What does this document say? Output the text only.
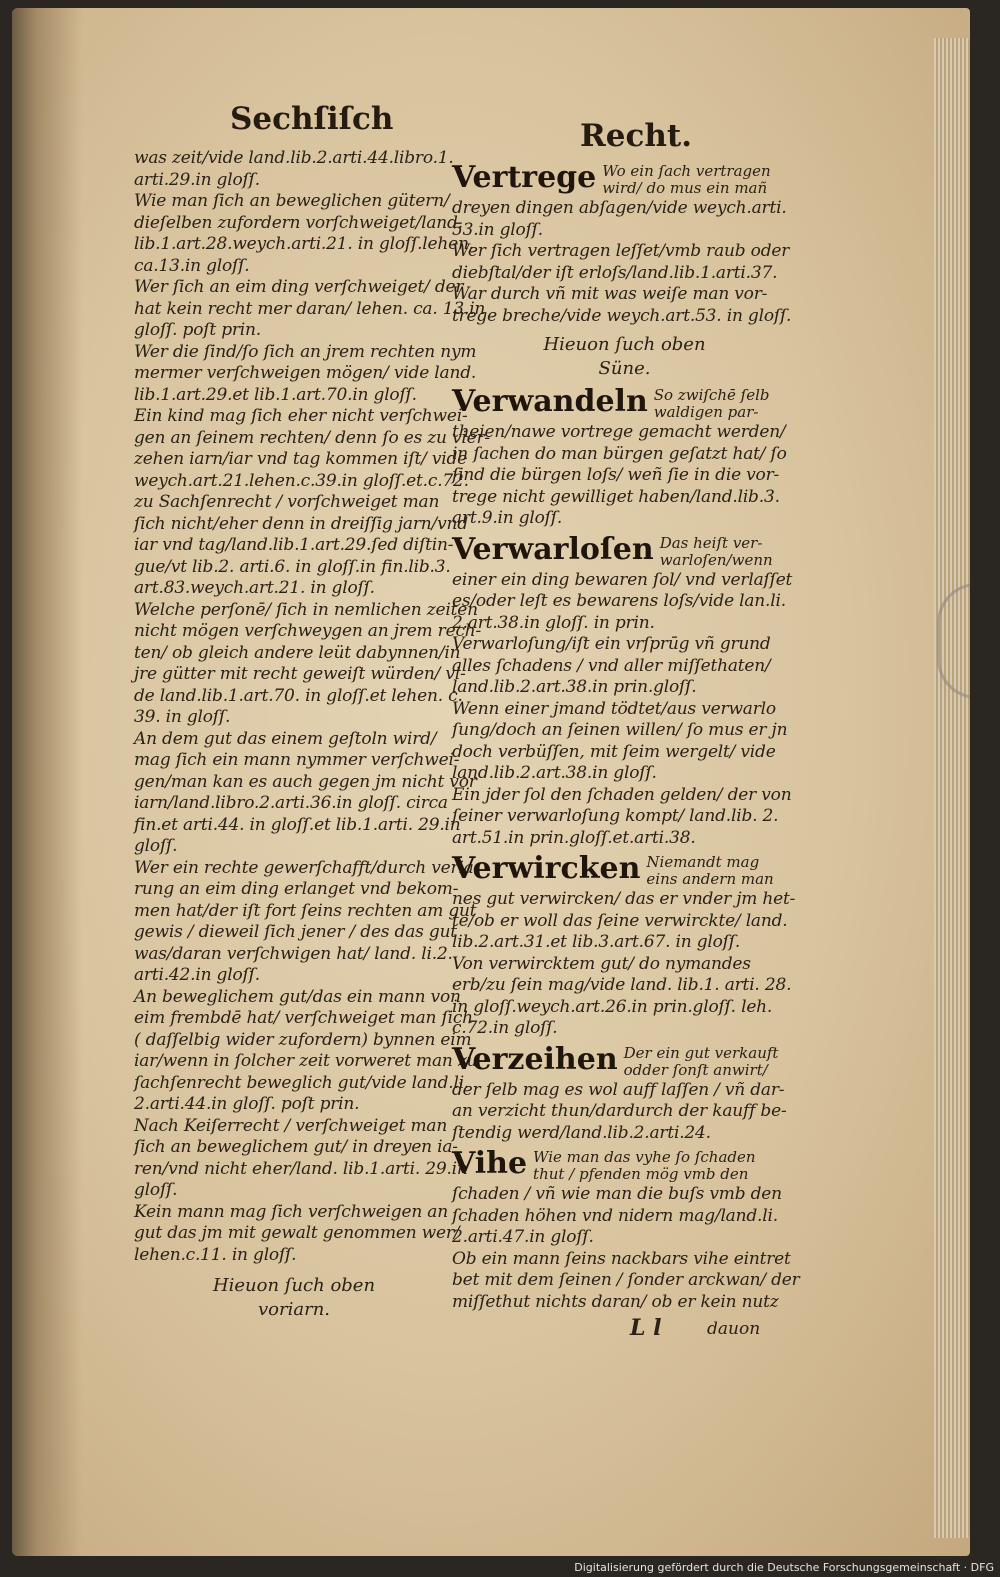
Sechſiſch	Recht.
was zeit/vide land.lib.2.arti.44.libro.1.
arti.29.in gloſſ.
Wie man ſich an beweglichen gütern/
dieſelben zufordern vorſchweiget/land.
lib.1.art.28.weych.arti.21. in gloſſ.lehen.
ca.13.in gloſſ.
Wer ſich an eim ding verſchweiget/ der
hat kein recht mer daran/ lehen. ca. 13.in
gloſſ. poſt prin.
Wer die ſind/ſo ſich an jrem rechten nym
mermer verſchweigen mögen/ vide land.
lib.1.art.29.et lib.1.art.70.in gloſſ.
Ein kind mag ſich eher nicht verſchwei-
gen an ſeinem rechten/ denn ſo es zu vier-
zehen iarn/iar vnd tag kommen iſt/ vide
weych.art.21.lehen.c.39.in gloſſ.et.c.72.
zu Sachſenrecht / vorſchweiget man
ſich nicht/eher denn in dreiſſig jarn/vnd
iar vnd tag/land.lib.1.art.29.ſed diſtin-
gue/vt lib.2. arti.6. in gloſſ.in fin.lib.3.
art.83.weych.art.21. in gloſſ.
Welche perſonē/ ſich in nemlichen zeiten
nicht mögen verſchweygen an jrem rech-
ten/ ob gleich andere leüt dabynnen/in
jre gütter mit recht geweiſt würden/ vi-
de land.lib.1.art.70. in gloſſ.et lehen. c.
39. in gloſſ.
An dem gut das einem geſtoln wird/
mag ſich ein mann nymmer verſchwei-
gen/man kan es auch gegen jm nicht vor
iarn/land.libro.2.arti.36.in gloſſ. circa
fin.et arti.44. in gloſſ.et lib.1.arti. 29.in
gloſſ.
Wer ein rechte gewerſchafft/durch veria
rung an eim ding erlanget vnd bekom-
men hat/der iſt fort ſeins rechten am gut
gewis / dieweil ſich jener / des das gut
was/daran verſchwigen hat/ land. li.2.
arti.42.in gloſſ.
An beweglichem gut/das ein mann von
eim frembdē hat/ verſchweiget man ſich
( daſſelbig wider zufordern) bynnen eim
iar/wenn in ſolcher zeit vorweret man zu
ſachſenrecht beweglich gut/vide land.li.
2.arti.44.in gloſſ. poſt prin.
Nach Keiſerrecht / verſchweiget man
ſich an beweglichem gut/ in dreyen ia-
ren/vnd nicht eher/land. lib.1.arti. 29.in
gloſſ.
Kein mann mag ſich verſchweigen an
gut das jm mit gewalt genommen wer/
lehen.c.11. in gloſſ.
Hieuon ſuch oben
voriarn.
Vertrege Wo ein ſach vertragen
wird/ do mus ein mañ
dreyen dingen abſagen/vide weych.arti.
53.in gloſſ.
Wer ſich vertragen leſſet/vmb raub oder
diebſtal/der iſt erloſs/land.lib.1.arti.37.
War durch vñ mit was weiſe man vor-
trege breche/vide weych.art.53. in gloſſ.
Hieuon ſuch oben
Süne.
Verwandeln So zwiſchē ſelb
waldigen par-
theien/nawe vortrege gemacht werden/
in ſachen do man bürgen geſatzt hat/ ſo
ſind die bürgen loſs/ weñ ſie in die vor-
trege nicht gewilliget haben/land.lib.3.
art.9.in gloſſ.
Verwarloſen Das heiſt ver-
warloſen/wenn
einer ein ding bewaren ſol/ vnd verlaſſet
es/oder leſt es bewarens loſs/vide lan.li.
2.art.38.in gloſſ. in prin.
Verwarloſung/iſt ein vrſprūg vñ grund
alles ſchadens / vnd aller miſſethaten/
land.lib.2.art.38.in prin.gloſſ.
Wenn einer jmand tödtet/aus verwarlo
ſung/doch an ſeinen willen/ ſo mus er jn
doch verbüſſen, mit ſeim wergelt/ vide
land.lib.2.art.38.in gloſſ.
Ein jder ſol den ſchaden gelden/ der von
ſeiner verwarloſung kompt/ land.lib. 2.
art.51.in prin.gloſſ.et.arti.38.
Verwircken Niemandt mag
eins andern man
nes gut verwircken/ das er vnder jm het-
te/ob er woll das ſeine verwirckte/ land.
lib.2.art.31.et lib.3.art.67. in gloſſ.
Von verwircktem gut/ do nymandes
erb/zu ſein mag/vide land. lib.1. arti. 28.
in gloſſ.weych.art.26.in prin.gloſſ. leh.
c.72.in gloſſ.
Verzeihen Der ein gut verkauft
odder ſonſt anwirt/
der ſelb mag es wol auff laſſen / vñ dar-
an verzicht thun/dardurch der kauff be-
ſtendig werd/land.lib.2.arti.24.
Vihe Wie man das vyhe ſo ſchaden
thut / pfenden mög vmb den
ſchaden / vñ wie man die buſs vmb den
ſchaden höhen vnd nidern mag/land.li.
2.arti.47.in gloſſ.
Ob ein mann ſeins nackbars vihe eintret
bet mit dem ſeinen / ſonder arckwan/ der
miſſethut nichts daran/ ob er kein nutz
L l	dauon
Digitalisierung gefördert durch die Deutsche Forschungsgemeinschaft · DFG
